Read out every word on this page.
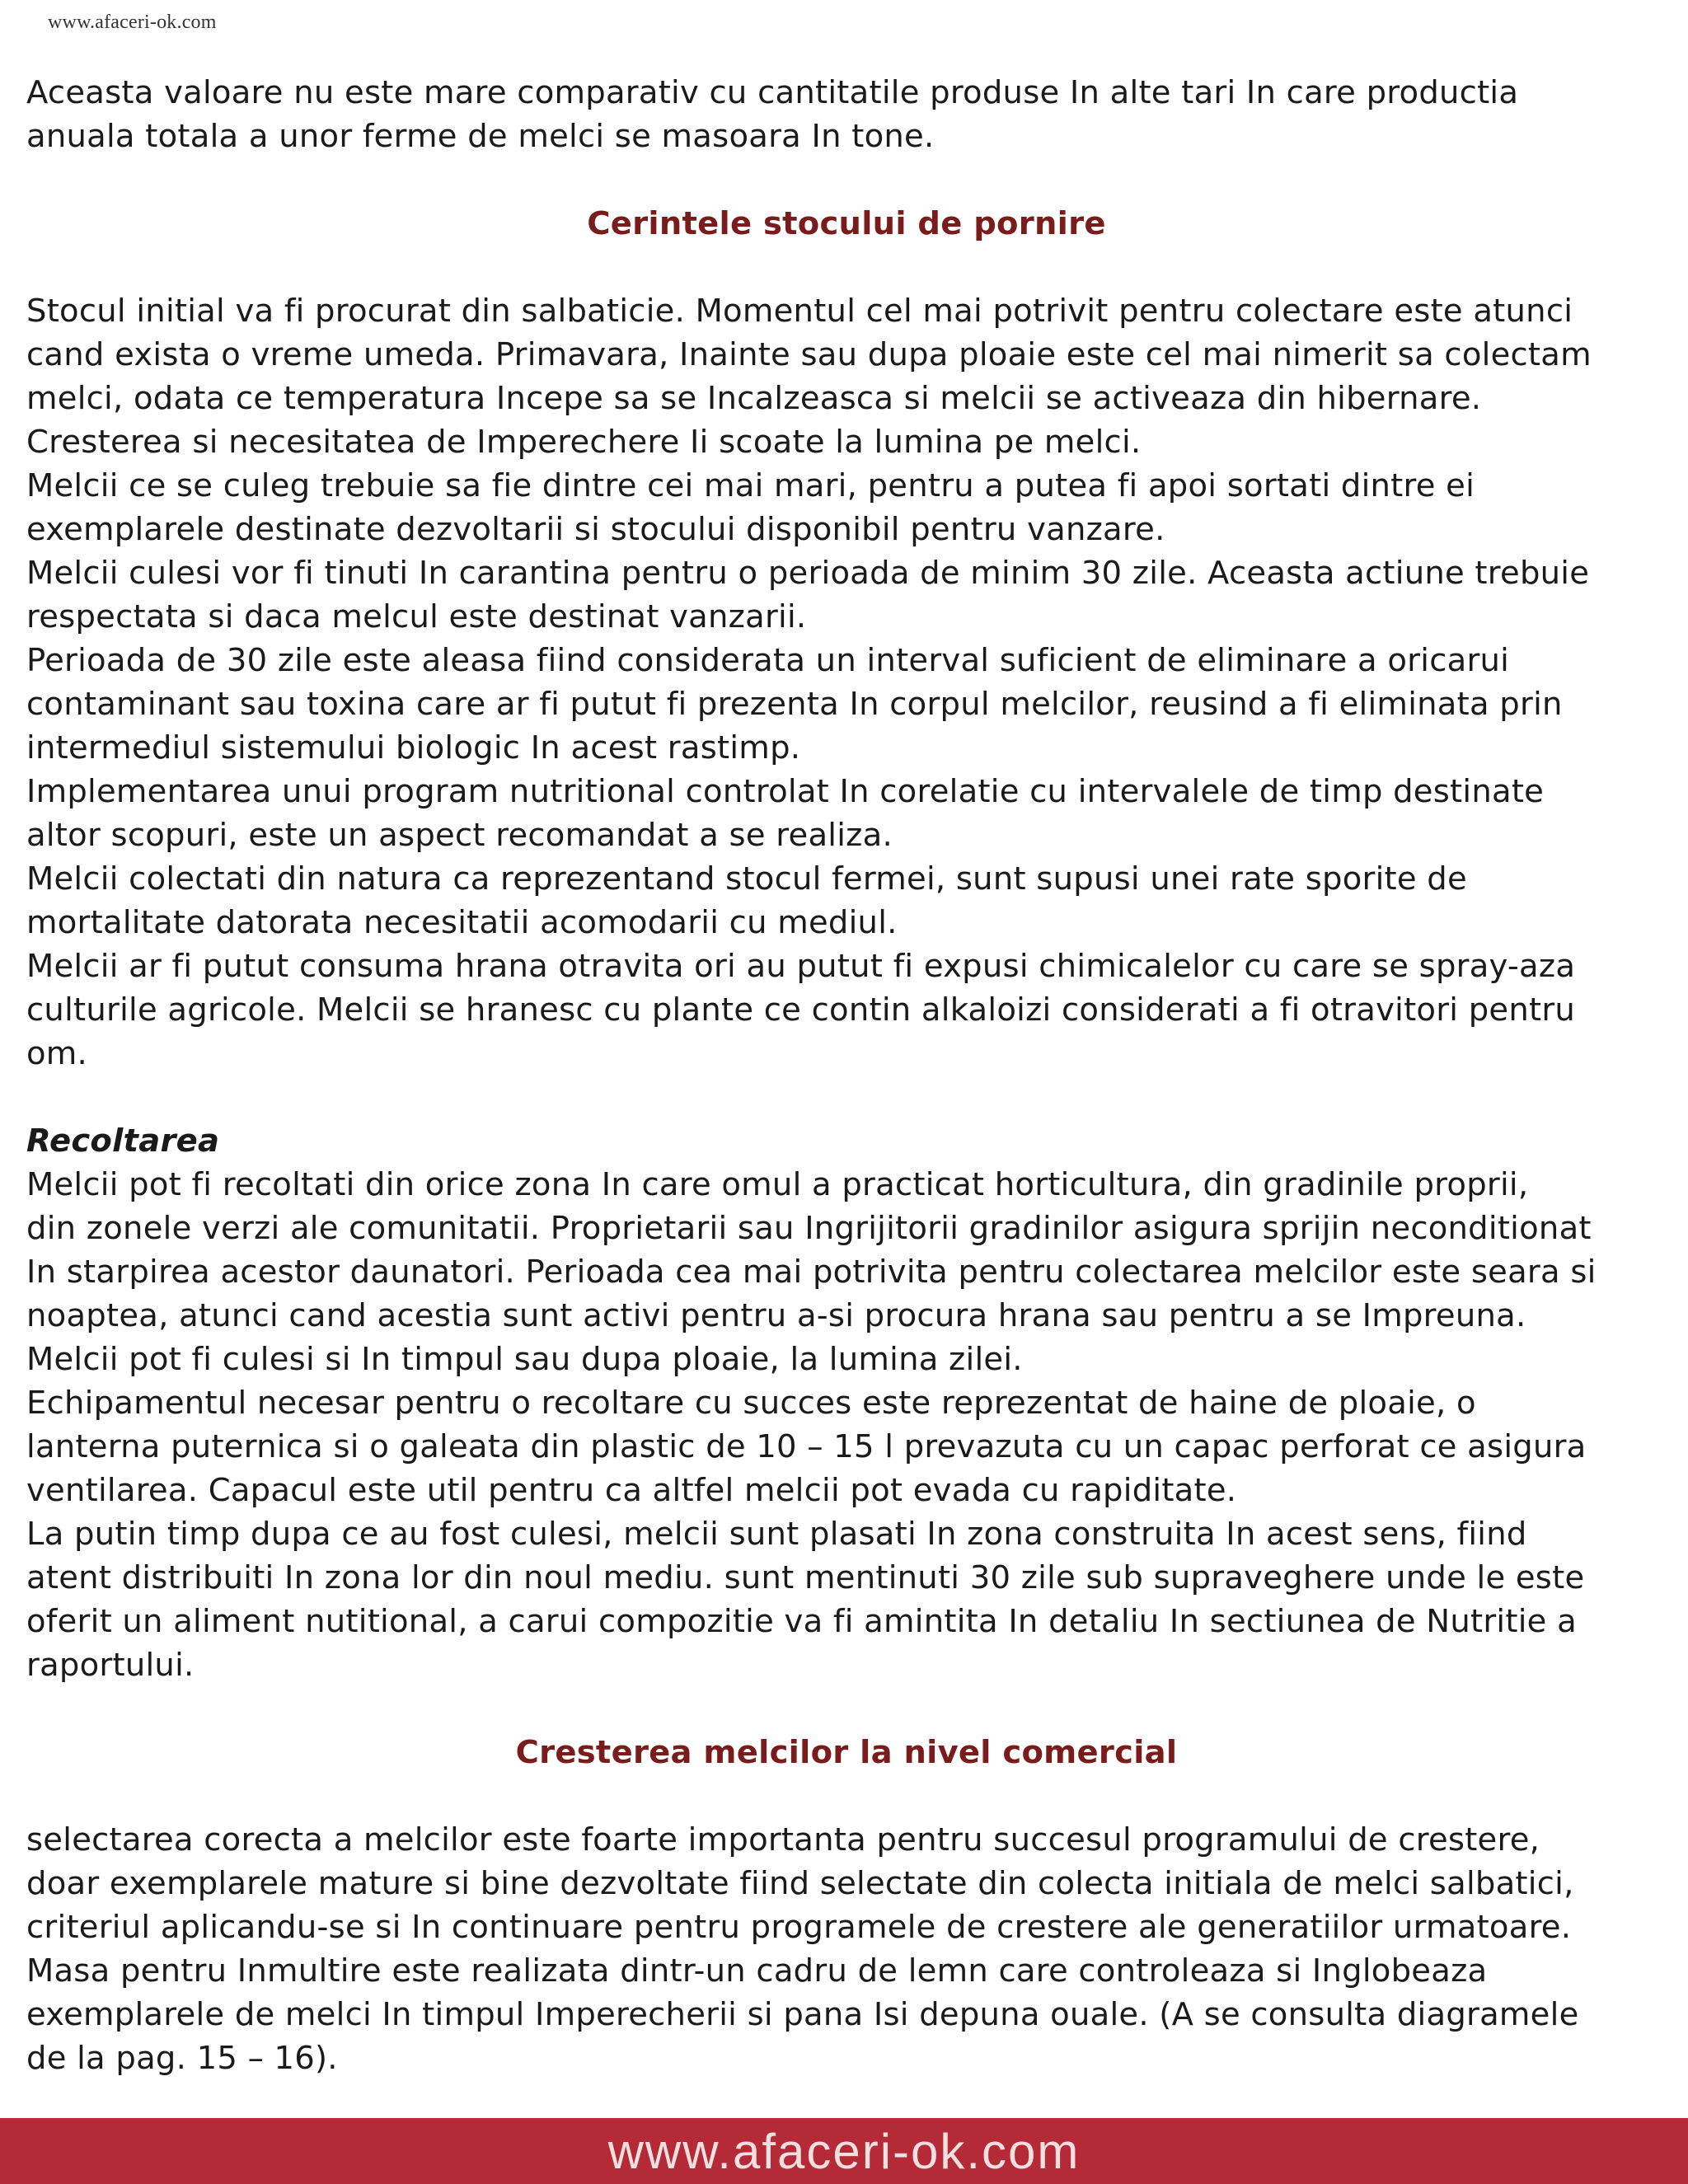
www.afaceri-ok.com

Aceasta valoare nu este mare comparativ cu cantitatile produse In alte tari In care productia
anuala totala a unor ferme de melci se masoara In tone.

Cerintele stocului de pornire

Stocul initial va fi procurat din salbaticie. Momentul cel mai potrivit pentru colectare este atunci
cand exista o vreme umeda. Primavara, Inainte sau dupa ploaie este cel mai nimerit sa colectam
melci, odata ce temperatura Incepe sa se Incalzeasca si melcii se activeaza din hibernare.
Cresterea si necesitatea de Imperechere Ii scoate la lumina pe melci.
Melcii ce se culeg trebuie sa fie dintre cei mai mari, pentru a putea fi apoi sortati dintre ei
exemplarele destinate dezvoltarii si stocului disponibil pentru vanzare.
Melcii culesi vor fi tinuti In carantina pentru o perioada de minim 30 zile. Aceasta actiune trebuie
respectata si daca melcul este destinat vanzarii.
Perioada de 30 zile este aleasa fiind considerata un interval suficient de eliminare a oricarui
contaminant sau toxina care ar fi putut fi prezenta In corpul melcilor, reusind a fi eliminata prin
intermediul sistemului biologic In acest rastimp.
Implementarea unui program nutritional controlat In corelatie cu intervalele de timp destinate
altor scopuri, este un aspect recomandat a se realiza.
Melcii colectati din natura ca reprezentand stocul fermei, sunt supusi unei rate sporite de
mortalitate datorata necesitatii acomodarii cu mediul.
Melcii ar fi putut consuma hrana otravita ori au putut fi expusi chimicalelor cu care se spray-aza
culturile agricole. Melcii se hranesc cu plante ce contin alkaloizi considerati a fi otravitori pentru
om.

Recoltarea

Melcii pot fi recoltati din orice zona In care omul a practicat horticultura, din gradinile proprii,
din zonele verzi ale comunitatii. Proprietarii sau Ingrijitorii gradinilor asigura sprijin neconditionat
In starpirea acestor daunatori. Perioada cea mai potrivita pentru colectarea melcilor este seara si
noaptea, atunci cand acestia sunt activi pentru a-si procura hrana sau pentru a se Impreuna.
Melcii pot fi culesi si In timpul sau dupa ploaie, la lumina zilei.
Echipamentul necesar pentru o recoltare cu succes este reprezentat de haine de ploaie, o
lanterna puternica si o galeata din plastic de 10 – 15 l prevazuta cu un capac perforat ce asigura
ventilarea. Capacul este util pentru ca altfel melcii pot evada cu rapiditate.
La putin timp dupa ce au fost culesi, melcii sunt plasati In zona construita In acest sens, fiind
atent distribuiti In zona lor din noul mediu. sunt mentinuti 30 zile sub supraveghere unde le este
oferit un aliment nutitional, a carui compozitie va fi amintita In detaliu In sectiunea de Nutritie a
raportului.

Cresterea melcilor la nivel comercial

selectarea corecta a melcilor este foarte importanta pentru succesul programului de crestere,
doar exemplarele mature si bine dezvoltate fiind selectate din colecta initiala de melci salbatici,
criteriul aplicandu-se si In continuare pentru programele de crestere ale generatiilor urmatoare.
Masa pentru Inmultire este realizata dintr-un cadru de lemn care controleaza si Inglobeaza
exemplarele de melci In timpul Imperecherii si pana Isi depuna ouale. (A se consulta diagramele
de la pag. 15 – 16).

www.afaceri-ok.com
